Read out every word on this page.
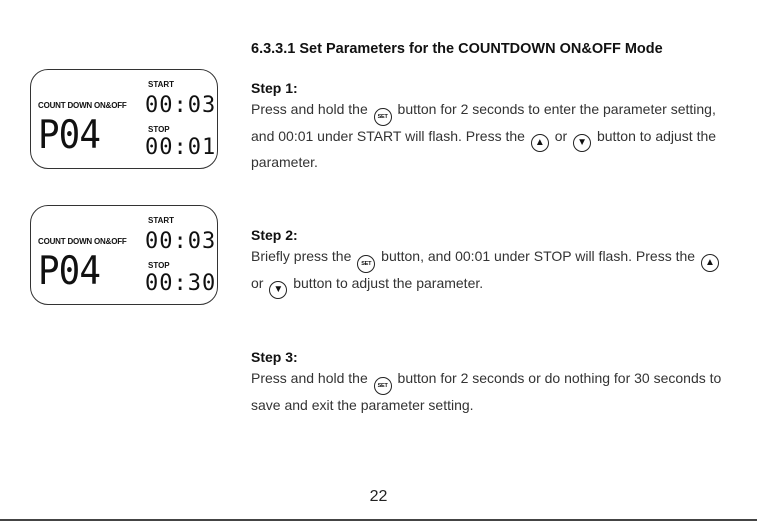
6.3.3.1 Set Parameters for the COUNTDOWN ON&OFF Mode
COUNT DOWN ON&OFF
P04
START
00:03
STOP
00:01
COUNT DOWN ON&OFF
P04
START
00:03
STOP
00:30
Step 1:
Press and hold the SET button for 2 seconds to enter the parameter setting, and 00:01 under START will flash. Press the ▲ or ▼ button to adjust the parameter.
Step 2:
Briefly press the SET button, and 00:01 under STOP will flash. Press the ▲ or ▼ button to adjust the parameter.
Step 3:
Press and hold the SET button for 2 seconds or do nothing for 30 seconds to save and exit the parameter setting.
22
